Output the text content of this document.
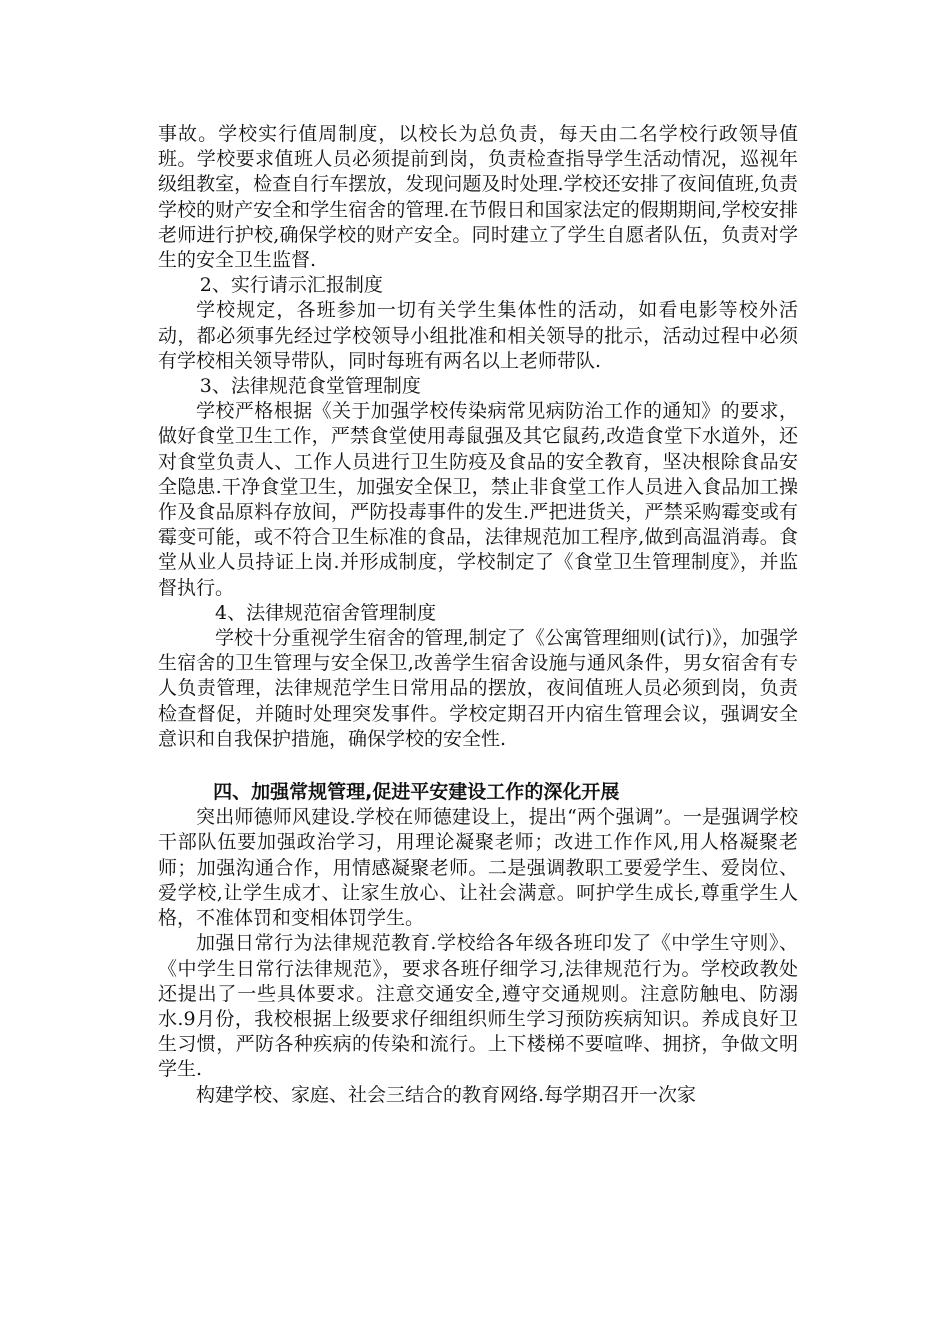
事故。学校实行值周制度，以校长为总负责，每天由二名学校行政领导值班。学校要求值班人员必须提前到岗，负责检查指导学生活动情况，巡视年级组教室，检查自行车摆放，发现问题及时处理.学校还安排了夜间值班,负责学校的财产安全和学生宿舍的管理.在节假日和国家法定的假期期间,学校安排老师进行护校,确保学校的财产安全。同时建立了学生自愿者队伍，负责对学生的安全卫生监督.

2、实行请示汇报制度

学校规定，各班参加一切有关学生集体性的活动，如看电影等校外活动，都必须事先经过学校领导小组批准和相关领导的批示，活动过程中必须有学校相关领导带队，同时每班有两名以上老师带队.

3、法律规范食堂管理制度

学校严格根据《关于加强学校传染病常见病防治工作的通知》的要求，做好食堂卫生工作，严禁食堂使用毒鼠强及其它鼠药,改造食堂下水道外，还对食堂负责人、工作人员进行卫生防疫及食品的安全教育，坚决根除食品安全隐患.干净食堂卫生，加强安全保卫，禁止非食堂工作人员进入食品加工操作及食品原料存放间，严防投毒事件的发生.严把进货关，严禁采购霉变或有霉变可能，或不符合卫生标准的食品，法律规范加工程序,做到高温消毒。食堂从业人员持证上岗.并形成制度，学校制定了《食堂卫生管理制度》，并监督执行。

4、法律规范宿舍管理制度

学校十分重视学生宿舍的管理,制定了《公寓管理细则(试行)》，加强学生宿舍的卫生管理与安全保卫,改善学生宿舍设施与通风条件，男女宿舍有专人负责管理，法律规范学生日常用品的摆放，夜间值班人员必须到岗，负责检查督促，并随时处理突发事件。学校定期召开内宿生管理会议，强调安全意识和自我保护措施，确保学校的安全性.

四、加强常规管理,促进平安建设工作的深化开展

突出师德师风建设.学校在师德建设上，提出“两个强调”。一是强调学校干部队伍要加强政治学习，用理论凝聚老师；改进工作作风,用人格凝聚老师；加强沟通合作，用情感凝聚老师。二是强调教职工要爱学生、爱岗位、爱学校,让学生成才、让家生放心、让社会满意。呵护学生成长,尊重学生人格，不准体罚和变相体罚学生。

加强日常行为法律规范教育.学校给各年级各班印发了《中学生守则》、《中学生日常行法律规范》，要求各班仔细学习,法律规范行为。学校政教处还提出了一些具体要求。注意交通安全,遵守交通规则。注意防触电、防溺水.9月份，我校根据上级要求仔细组织师生学习预防疾病知识。养成良好卫生习惯，严防各种疾病的传染和流行。上下楼梯不要喧哗、拥挤，争做文明学生.

构建学校、家庭、社会三结合的教育网络.每学期召开一次家
